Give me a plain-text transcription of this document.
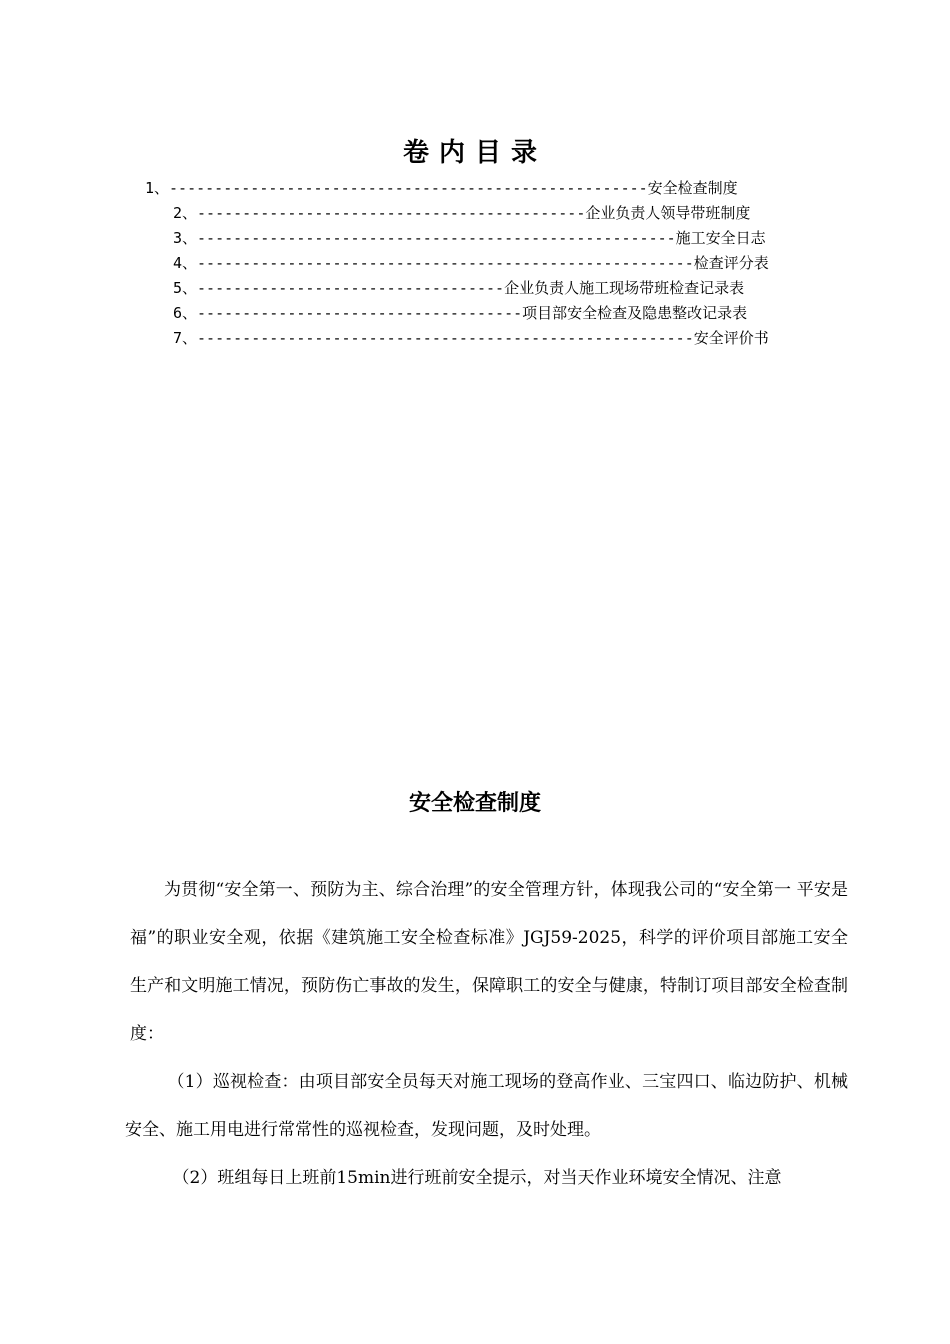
卷内目录
1、-----------------------------------------------------安全检查制度
2、-------------------------------------------企业负责人领导带班制度
3、-----------------------------------------------------施工安全日志
4、-------------------------------------------------------检查评分表
5、----------------------------------企业负责人施工现场带班检查记录表
6、------------------------------------项目部安全检查及隐患整改记录表
7、-------------------------------------------------------安全评价书
安全检查制度

为贯彻“安全第一、预防为主、综合治理”的安全管理方针，体现我公司的“安全第一 平安是福”的职业安全观，依据《建筑施工安全检查标准》JGJ59-2025，科学的评价项目部施工安全生产和文明施工情况，预防伤亡事故的发生，保障职工的安全与健康，特制订项目部安全检查制度：

（1）巡视检查：由项目部安全员每天对施工现场的登高作业、三宝四口、临边防护、机械安全、施工用电进行常常性的巡视检查，发现问题，及时处理。

（2）班组每日上班前15min进行班前安全提示，对当天作业环境安全情况、注意
